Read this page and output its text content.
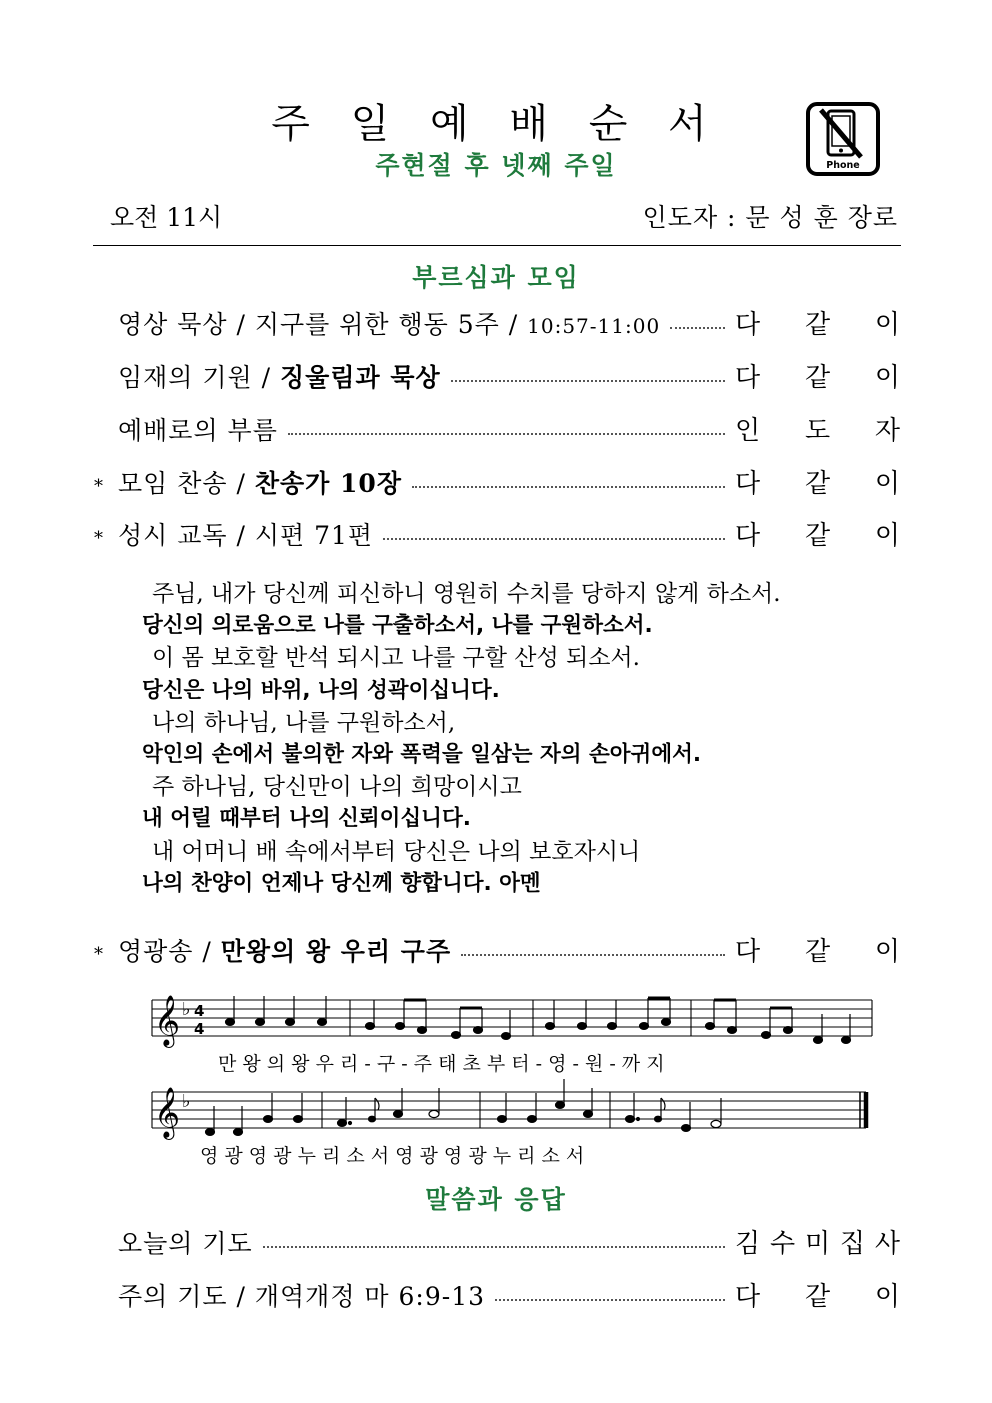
주 일 예 배 순 서
주현절 후 넷째 주일	Phone
오전 11시	인도자 : 문 성 훈 장로
부르심과 모임
영상 묵상 / 지구를 위한 행동 5주 / 10:57-11:00	다 같 이
임재의 기원 / 징울림과 묵상	다 같 이
예배로의 부름	인 도 자
* 모임 찬송 / 찬송가 10장	다 같 이
* 성시 교독 / 시편 71편	다 같 이
주님, 내가 당신께 피신하니 영원히 수치를 당하지 않게 하소서.
당신의 의로움으로 나를 구출하소서, 나를 구원하소서.
이 몸 보호할 반석 되시고 나를 구할 산성 되소서.
당신은 나의 바위, 나의 성곽이십니다.
나의 하나님, 나를 구원하소서,
악인의 손에서 불의한 자와 폭력을 일삼는 자의 손아귀에서.
주 하나님, 당신만이 나의 희망이시고
내 어릴 때부터 나의 신뢰이십니다.
내 어머니 배 속에서부터 당신은 나의 보호자시니
나의 찬양이 언제나 당신께 향합니다. 아멘
* 영광송 / 만왕의 왕 우리 구주	다 같 이
𝄞 ♭ 4
4
만 왕 의 왕 우 리 - 구 - 주 태 초 부 터 - 영 - 원 - 까 지
𝄞 ♭
영 광 영 광 누 리 소 서 영 광 영 광 누 리 소 서
말씀과 응답
오늘의 기도	김 수 미 집 사
주의 기도 / 개역개정 마 6:9-13	다 같 이
